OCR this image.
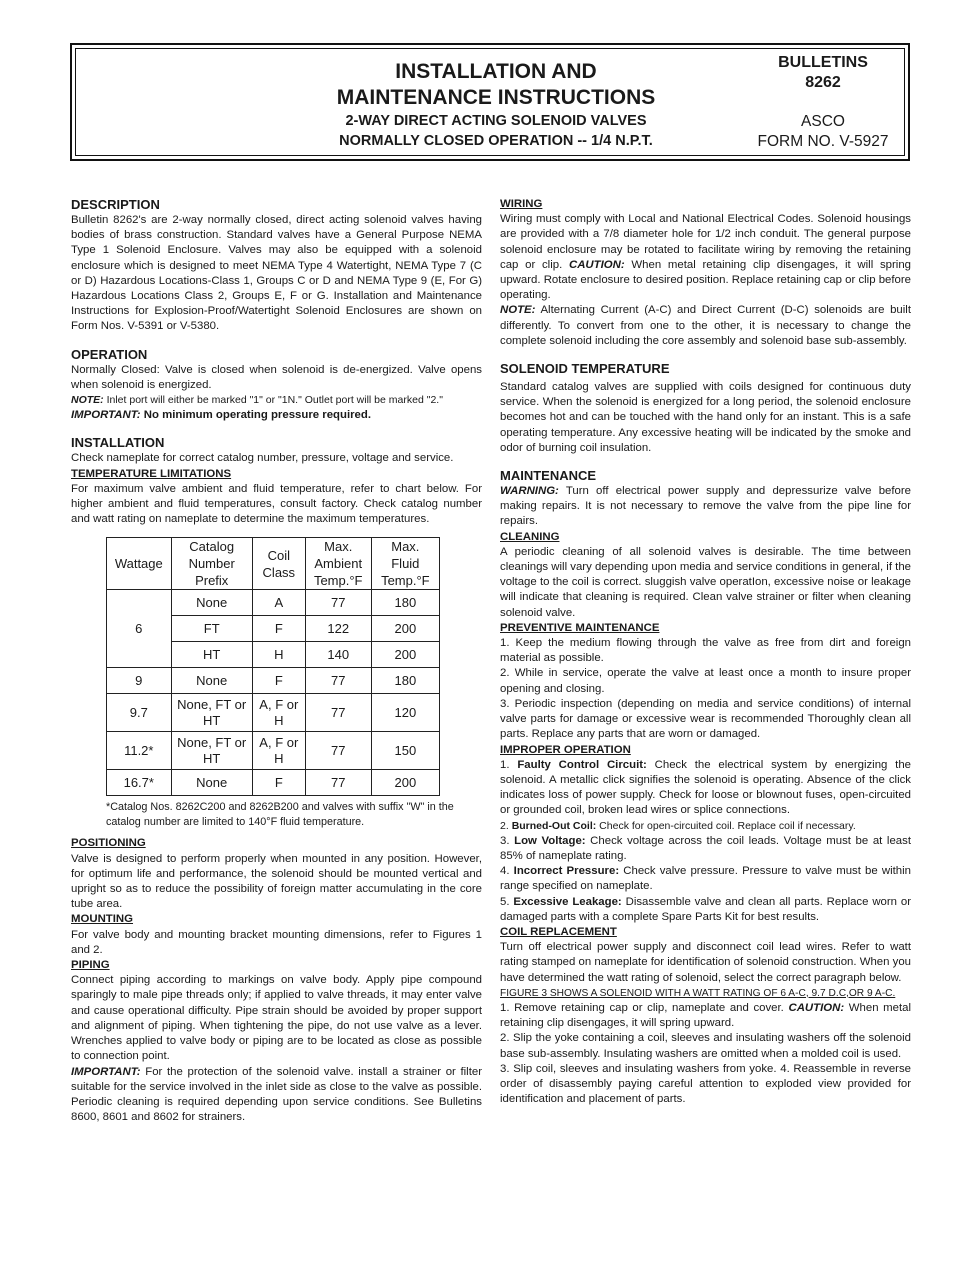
INSTALLATION AND
MAINTENANCE INSTRUCTIONS
2-WAY DIRECT ACTING SOLENOID VALVES
NORMALLY CLOSED OPERATION -- 1/4 N.P.T.
BULLETINS
8262
ASCO
FORM NO. V-5927
DESCRIPTION

Bulletin 8262's are 2-way normally closed, direct acting solenoid valves having bodies of brass construction. Standard valves have a General Purpose NEMA Type 1 Solenoid Enclosure. Valves may also be equipped with a solenoid enclosure which is designed to meet NEMA Type 4 Watertight, NEMA Type 7 (C or D) Hazardous Locations-Class 1, Groups C or D and NEMA Type 9 (E, For G) Hazardous Locations Class 2, Groups E, F or G. Installation and Maintenance Instructions for Explosion-Proof/Watertight Solenoid Enclosures are shown on Form Nos. V-5391 or V-5380.

OPERATION

Normally Closed: Valve is closed when solenoid is de-energized. Valve opens when solenoid is energized.

NOTE: Inlet port will either be marked "1" or "1N." Outlet port will be marked "2."

IMPORTANT: No minimum operating pressure required.

INSTALLATION

Check nameplate for correct catalog number, pressure, voltage and service.

TEMPERATURE LIMITATIONS

For maximum valve ambient and fluid temperature, refer to chart below. For higher ambient and fluid temperatures, consult factory. Check catalog number and watt rating on nameplate to determine the maximum temperatures.

Wattage	Catalog Number Prefix	Coil Class	Max. Ambient Temp.°F	Max. Fluid Temp.°F
6	None	A	77	180
	FT	F	122	200
	HT	H	140	200
9	None	F	77	180
9.7	None, FT or HT	A, F or H	77	120
11.2*	None, FT or HT	A, F or H	77	150
16.7*	None	F	77	200
*Catalog Nos. 8262C200 and 8262B200 and valves with suffix "W" in the catalog number are limited to 140°F fluid temperature.
POSITIONING

Valve is designed to perform properly when mounted in any position. However, for optimum life and performance, the solenoid should be mounted vertical and upright so as to reduce the possibility of foreign matter accumulating in the core tube area.

MOUNTING

For valve body and mounting bracket mounting dimensions, refer to Figures 1 and 2.

PIPING

Connect piping according to markings on valve body. Apply pipe compound sparingly to male pipe threads only; if applied to valve threads, it may enter valve and cause operational difficulty. Pipe strain should be avoided by proper support and alignment of piping. When tightening the pipe, do not use valve as a lever. Wrenches applied to valve body or piping are to be located as close as possible to connection point.

IMPORTANT: For the protection of the solenoid valve. install a strainer or filter suitable for the service involved in the inlet side as close to the valve as possible. Periodic cleaning is required depending upon service conditions. See Bulletins 8600, 8601 and 8602 for strainers.

WIRING

Wiring must comply with Local and National Electrical Codes. Solenoid housings are provided with a 7/8 diameter hole for 1/2 inch conduit. The general purpose solenoid enclosure may be rotated to facilitate wiring by removing the retaining cap or clip. CAUTION: When metal retaining clip disengages, it will spring upward. Rotate enclosure to desired position. Replace retaining cap or clip before operating.

NOTE: Alternating Current (A-C) and Direct Current (D-C) solenoids are built differently. To convert from one to the other, it is necessary to change the complete solenoid including the core assembly and solenoid base sub-assembly.

SOLENOID TEMPERATURE

Standard catalog valves are supplied with coils designed for continuous duty service. When the solenoid is energized for a long period, the solenoid enclosure becomes hot and can be touched with the hand only for an instant. This is a safe operating temperature. Any excessive heating will be indicated by the smoke and odor of burning coil insulation.

MAINTENANCE

WARNING: Turn off electrical power supply and depressurize valve before making repairs. It is not necessary to remove the valve from the pipe line for repairs.

CLEANING

A periodic cleaning of all solenoid valves is desirable. The time between cleanings will vary depending upon media and service conditions in general, if the voltage to the coil is correct. sluggish valve operatIon, excessive noise or leakage will indicate that cleaning is required. Clean valve strainer or filter when cleaning solenoid valve.

PREVENTIVE MAINTENANCE

1. Keep the medium flowing through the valve as free from dirt and foreign material as possible.

2. While in service, operate the valve at least once a month to insure proper opening and closing.

3. Periodic inspection (depending on media and service conditions) of internal valve parts for damage or excessive wear is recommended Thoroughly clean all parts. Replace any parts that are worn or damaged.

IMPROPER OPERATION

1. Faulty Control Circuit: Check the electrical system by energizing the solenoid. A metallic click signifies the solenoid is operating. Absence of the click indicates loss of power supply. Check for loose or blownout fuses, open-circuited or grounded coil, broken lead wires or splice connections.

2. Burned-Out Coil: Check for open-circuited coil. Replace coil if necessary.

3. Low Voltage: Check voltage across the coil leads. Voltage must be at least 85% of nameplate rating.

4. Incorrect Pressure: Check valve pressure. Pressure to valve must be within range specified on nameplate.

5. Excessive Leakage: Disassemble valve and clean all parts. Replace worn or damaged parts with a complete Spare Parts Kit for best results.

COIL REPLACEMENT

Turn off electrical power supply and disconnect coil lead wires. Refer to watt rating stamped on nameplate for identification of solenoid construction. When you have determined the watt rating of solenoid, select the correct paragraph below.

FIGURE 3 SHOWS A SOLENOID WITH A WATT RATING OF 6 A-C, 9.7 D.C,OR 9 A-C.

1. Remove retaining cap or clip, nameplate and cover. CAUTION: When metal retaining clip disengages, it will spring upward.

2. Slip the yoke containing a coil, sleeves and insulating washers off the solenoid base sub-assembly. Insulating washers are omitted when a molded coil is used.

3. Slip coil, sleeves and insulating washers from yoke. 4. Reassemble in reverse order of disassembly paying careful attention to exploded view provided for identification and placement of parts.
